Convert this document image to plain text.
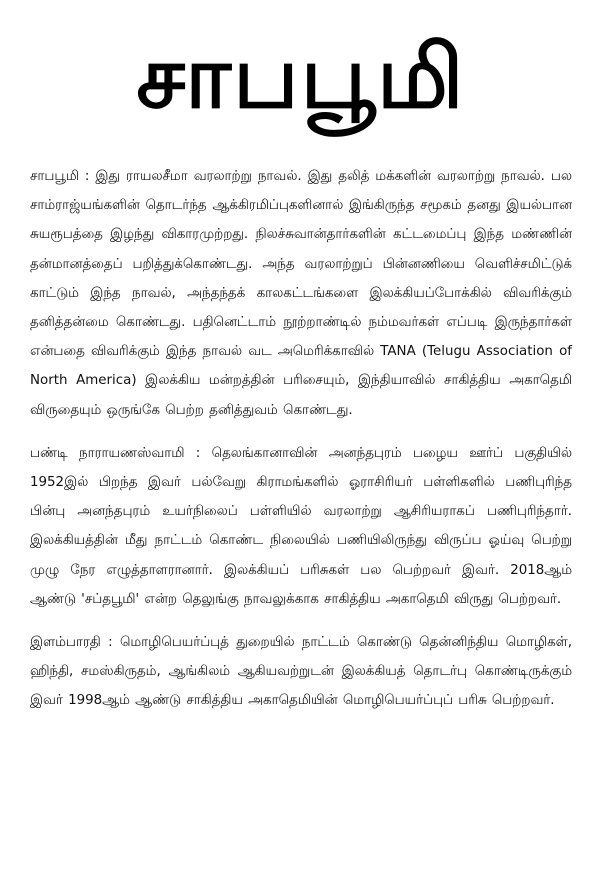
சாபபூமி

சாபபூமி : இது ராயலசீமா வரலாற்று நாவல். இது தலித் மக்களின் வரலாற்று நாவல். பல சாம்ராஜ்யங்களின் தொடர்ந்த ஆக்கிரமிப்புகளினால் இங்கிருந்த சமூகம் தனது இயல்பான சுயரூபத்தை இழந்து விகாரமுற்றது. நிலச்சுவான்தார்களின் கட்டமைப்பு இந்த மண்ணின் தன்மானத்தைப் பறித்துக்கொண்டது. அந்த வரலாற்றுப் பின்னணியை வெளிச்சமிட்டுக் காட்டும் இந்த நாவல், அந்தந்தக் காலகட்டங்களை இலக்கியப்போக்கில் விவரிக்கும் தனித்தன்மை கொண்டது. பதினெட்டாம் நூற்றாண்டில் நம்மவர்கள் எப்படி இருந்தார்கள் என்பதை விவரிக்கும் இந்த நாவல் வட அமெரிக்காவில் TANA (Telugu Association of North America) இலக்கிய மன்றத்தின் பரிசையும், இந்தியாவில் சாகித்திய அகாதெமி விருதையும் ஒருங்கே பெற்ற தனித்துவம் கொண்டது.

பண்டி நாராயணஸ்வாமி : தெலங்கானாவின் அனந்தபுரம் பழைய ஊர்ப் பகுதியில் 1952இல் பிறந்த இவர் பல்வேறு கிராமங்களில் ஓராசிரியர் பள்ளிகளில் பணிபுரிந்த பின்பு அனந்தபுரம் உயர்நிலைப் பள்ளியில் வரலாற்று ஆசிரியராகப் பணிபுரிந்தார். இலக்கியத்தின் மீது நாட்டம் கொண்ட நிலையில் பணியிலிருந்து விருப்ப ஓய்வு பெற்று முழு நேர எழுத்தாளரானார். இலக்கியப் பரிசுகள் பல பெற்றவர் இவர். 2018ஆம் ஆண்டு 'சப்தபூமி' என்ற தெலுங்கு நாவலுக்காக சாகித்திய அகாதெமி விருது பெற்றவர்.

இளம்பாரதி : மொழிபெயர்ப்புத் துறையில் நாட்டம் கொண்டு தென்னிந்திய மொழிகள், ஹிந்தி, சமஸ்கிருதம், ஆங்கிலம் ஆகியவற்றுடன் இலக்கியத் தொடர்பு கொண்டிருக்கும் இவர் 1998ஆம் ஆண்டு சாகித்திய அகாதெமியின் மொழிபெயர்ப்புப் பரிசு பெற்றவர்.
